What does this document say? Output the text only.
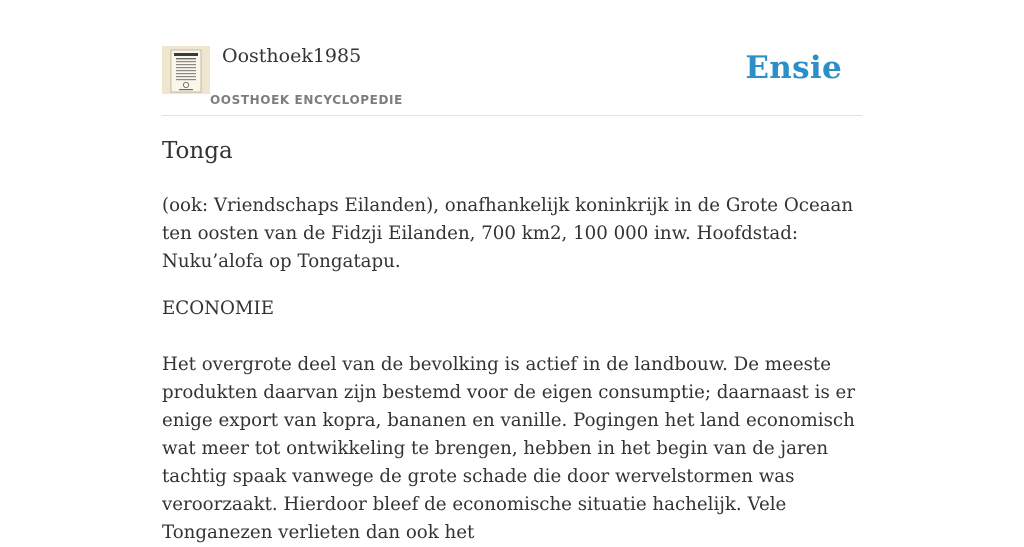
Oosthoek1985
OOSTHOEK ENCYCLOPEDIE
Ensie
Tonga

(ook: Vriendschaps Eilanden), onafhankelijk koninkrijk in de Grote Oceaan ten oosten van de Fidzji Eilanden, 700 km2, 100 000 inw. Hoofdstad: Nuku’alofa op Tongatapu.

ECONOMIE

Het overgrote deel van de bevolking is actief in de landbouw. De meeste produkten daarvan zijn bestemd voor de eigen consumptie; daarnaast is er enige export van kopra, bananen en vanille. Pogingen het land economisch wat meer tot ontwikkeling te brengen, hebben in het begin van de jaren tachtig spaak vanwege de grote schade die door wervelstormen was veroorzaakt. Hierdoor bleef de economische situatie hachelijk. Vele Tonganezen verlieten dan ook het
